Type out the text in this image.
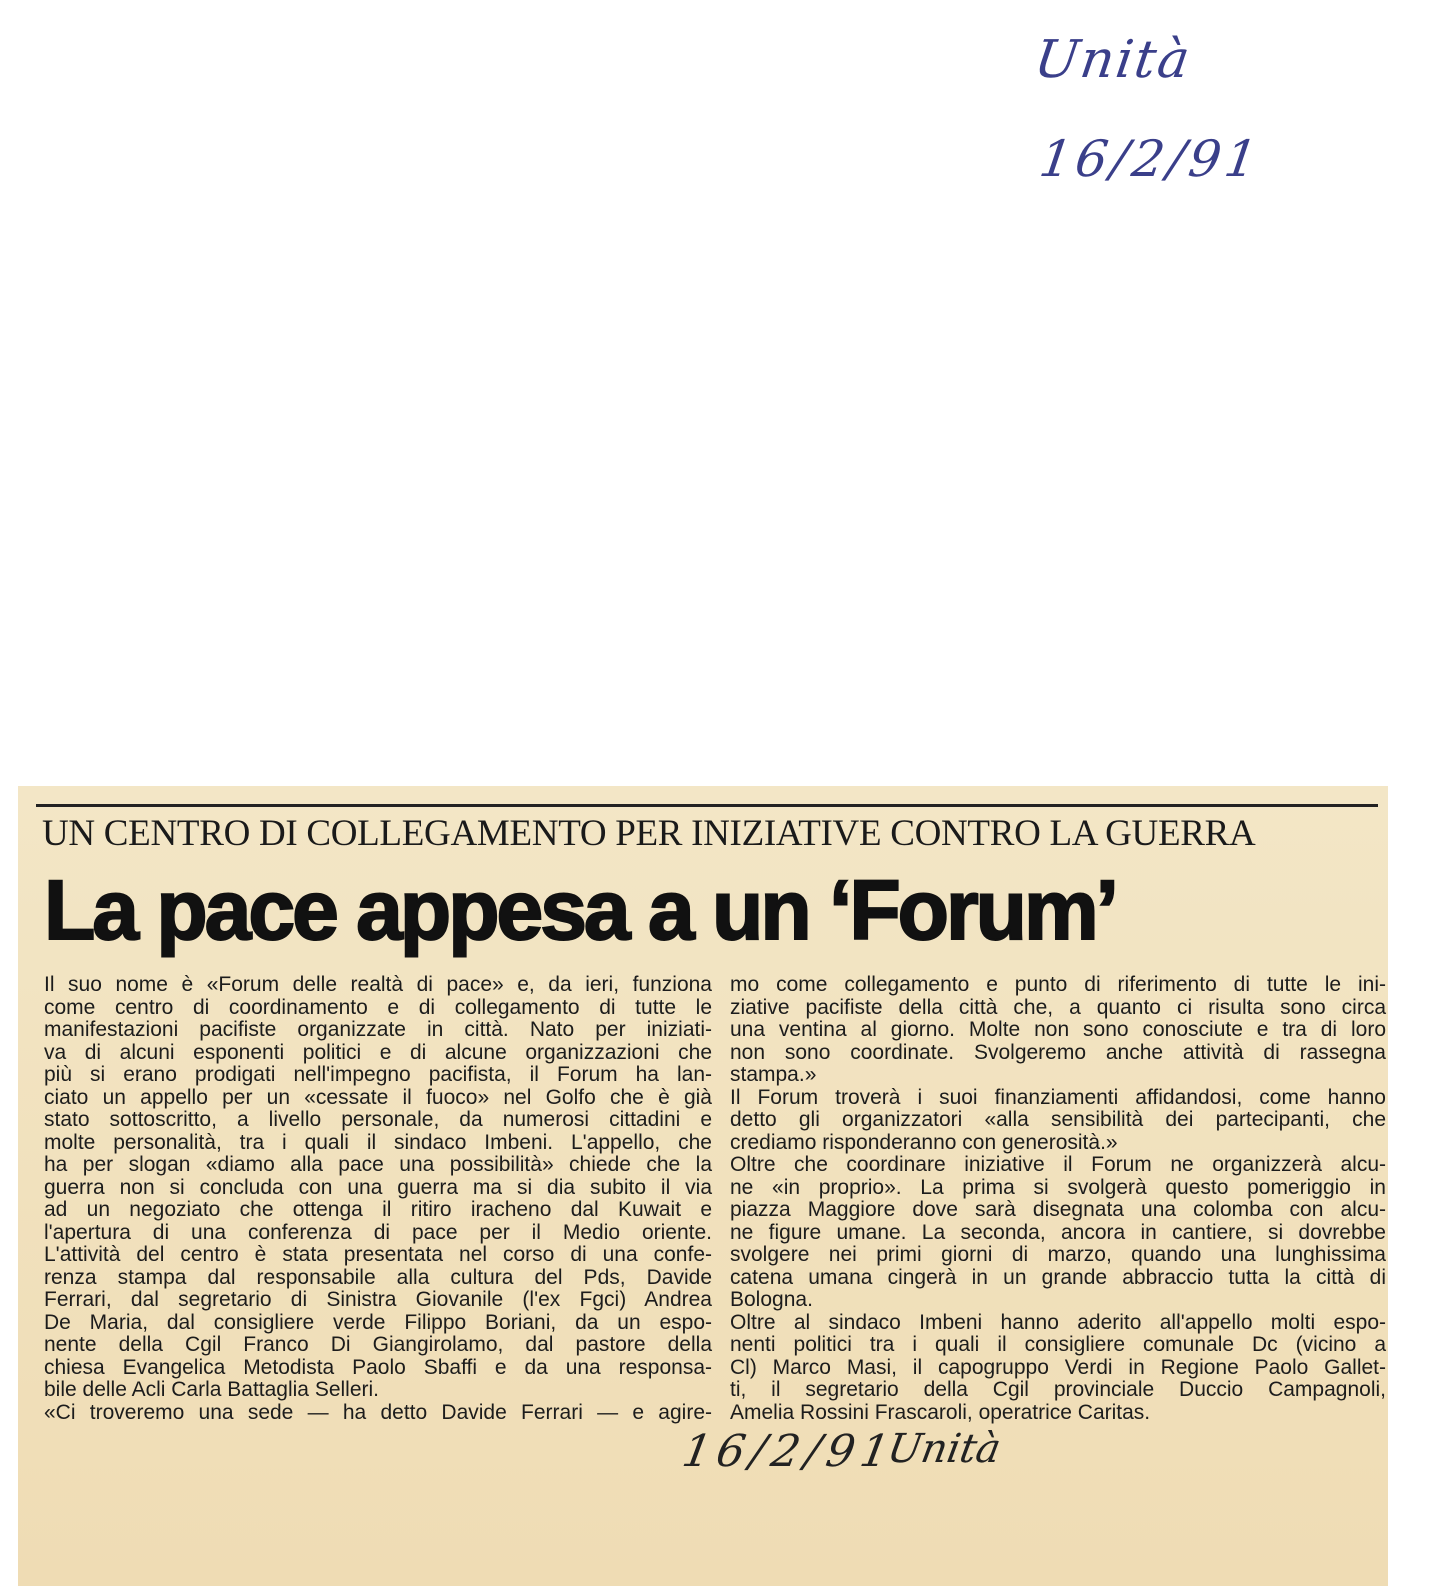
Unità
16/2/91
UN CENTRO DI COLLEGAMENTO PER INIZIATIVE CONTRO LA GUERRA
La pace appesa a un ‘Forum’
Il suo nome è «Forum delle realtà di pace» e, da ieri, funziona
come centro di coordinamento e di collegamento di tutte le
manifestazioni pacifiste organizzate in città. Nato per iniziati-
va di alcuni esponenti politici e di alcune organizzazioni che
più si erano prodigati nell'impegno pacifista, il Forum ha lan-
ciato un appello per un «cessate il fuoco» nel Golfo che è già
stato sottoscritto, a livello personale, da numerosi cittadini e
molte personalità, tra i quali il sindaco Imbeni. L'appello, che
ha per slogan «diamo alla pace una possibilità» chiede che la
guerra non si concluda con una guerra ma si dia subito il via
ad un negoziato che ottenga il ritiro iracheno dal Kuwait e
l'apertura di una conferenza di pace per il Medio oriente.
L'attività del centro è stata presentata nel corso di una confe-
renza stampa dal responsabile alla cultura del Pds, Davide
Ferrari, dal segretario di Sinistra Giovanile (l'ex Fgci) Andrea
De Maria, dal consigliere verde Filippo Boriani, da un espo-
nente della Cgil Franco Di Giangirolamo, dal pastore della
chiesa Evangelica Metodista Paolo Sbaffi e da una responsa-
bile delle Acli Carla Battaglia Selleri.
«Ci troveremo una sede — ha detto Davide Ferrari — e agire-
mo come collegamento e punto di riferimento di tutte le ini-
ziative pacifiste della città che, a quanto ci risulta sono circa
una ventina al giorno. Molte non sono conosciute e tra di loro
non sono coordinate. Svolgeremo anche attività di rassegna
stampa.»
Il Forum troverà i suoi finanziamenti affidandosi, come hanno
detto gli organizzatori «alla sensibilità dei partecipanti, che
crediamo risponderanno con generosità.»
Oltre che coordinare iniziative il Forum ne organizzerà alcu-
ne «in proprio». La prima si svolgerà questo pomeriggio in
piazza Maggiore dove sarà disegnata una colomba con alcu-
ne figure umane. La seconda, ancora in cantiere, si dovrebbe
svolgere nei primi giorni di marzo, quando una lunghissima
catena umana cingerà in un grande abbraccio tutta la città di
Bologna.
Oltre al sindaco Imbeni hanno aderito all'appello molti espo-
nenti politici tra i quali il consigliere comunale Dc (vicino a
Cl) Marco Masi, il capogruppo Verdi in Regione Paolo Gallet-
ti, il segretario della Cgil provinciale Duccio Campagnoli,
Amelia Rossini Frascaroli, operatrice Caritas.
16/2/91
Unità
